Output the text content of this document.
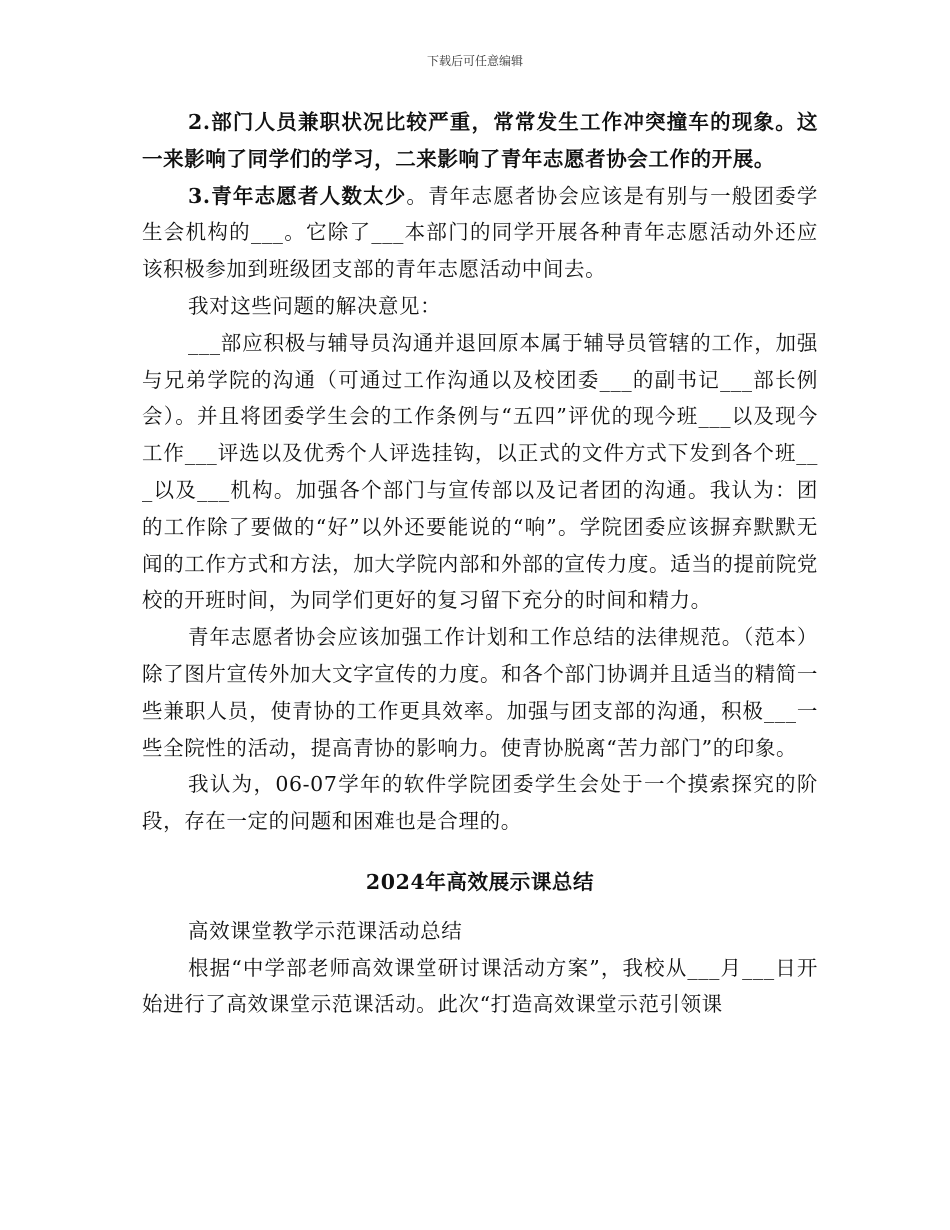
下载后可任意编辑

2.部门人员兼职状况比较严重，常常发生工作冲突撞车的现象。这一来影响了同学们的学习，二来影响了青年志愿者协会工作的开展。

3.青年志愿者人数太少。青年志愿者协会应该是有别与一般团委学生会机构的___。它除了___本部门的同学开展各种青年志愿活动外还应该积极参加到班级团支部的青年志愿活动中间去。

我对这些问题的解决意见：

___部应积极与辅导员沟通并退回原本属于辅导员管辖的工作，加强与兄弟学院的沟通（可通过工作沟通以及校团委___的副书记___部长例会）。并且将团委学生会的工作条例与“五四”评优的现今班___以及现今工作___评选以及优秀个人评选挂钩，以正式的文件方式下发到各个班___以及___机构。加强各个部门与宣传部以及记者团的沟通。我认为：团的工作除了要做的“好”以外还要能说的“响”。学院团委应该摒弃默默无闻的工作方式和方法，加大学院内部和外部的宣传力度。适当的提前院党校的开班时间，为同学们更好的复习留下充分的时间和精力。

青年志愿者协会应该加强工作计划和工作总结的法律规范。（范本）除了图片宣传外加大文字宣传的力度。和各个部门协调并且适当的精简一些兼职人员，使青协的工作更具效率。加强与团支部的沟通，积极___一些全院性的活动，提高青协的影响力。使青协脱离“苦力部门”的印象。

我认为，06-07学年的软件学院团委学生会处于一个摸索探究的阶段，存在一定的问题和困难也是合理的。

2024年高效展示课总结

高效课堂教学示范课活动总结

根据“中学部老师高效课堂研讨课活动方案”，我校从___月___日开始进行了高效课堂示范课活动。此次“打造高效课堂示范引领课
